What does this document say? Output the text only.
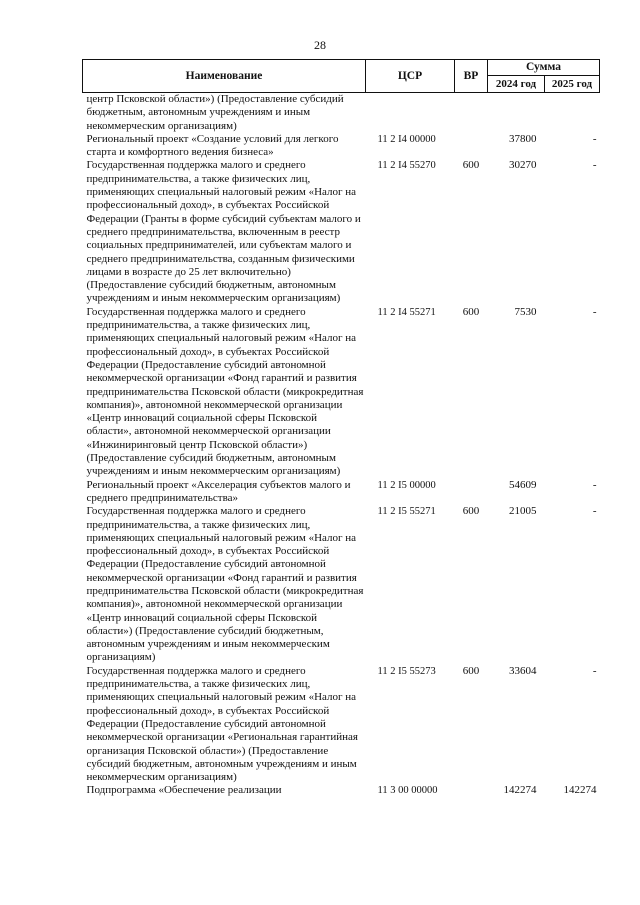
28
Наименование	ЦСР	ВР	Сумма	
			2024 год	2025 год
центр Псковской области») (Предоставление субсидий бюджетным, автономным учреждениям и иным некоммерческим организациям)				
Региональный проект «Создание условий для легкого старта и комфортного ведения бизнеса»	11 2 I4 00000		37800	-
Государственная поддержка малого и среднего предпринимательства, а также физических лиц, применяющих специальный налоговый режим «Налог на профессиональный доход», в субъектах Российской Федерации (Гранты в форме субсидий субъектам малого и среднего предпринимательства, включенным в реестр социальных предпринимателей, или субъектам малого и среднего предпринимательства, созданным физическими лицами в возрасте до 25 лет включительно) (Предоставление субсидий бюджетным, автономным учреждениям и иным некоммерческим организациям)	11 2 I4 55270	600	30270	-
Государственная поддержка малого и среднего предпринимательства, а также физических лиц, применяющих специальный налоговый режим «Налог на профессиональный доход», в субъектах Российской Федерации (Предоставление субсидий автономной некоммерческой организации «Фонд гарантий и развития предпринимательства Псковской области (микрокредитная компания)», автономной некоммерческой организации «Центр инноваций социальной сферы Псковской области», автономной некоммерческой организации «Инжиниринговый центр Псковской области») (Предоставление субсидий бюджетным, автономным учреждениям и иным некоммерческим организациям)	11 2 I4 55271	600	7530	-
Региональный проект «Акселерация субъектов малого и среднего предпринимательства»	11 2 I5 00000		54609	-
Государственная поддержка малого и среднего предпринимательства, а также физических лиц, применяющих специальный налоговый режим «Налог на профессиональный доход», в субъектах Российской Федерации (Предоставление субсидий автономной некоммерческой организации «Фонд гарантий и развития предпринимательства Псковской области (микрокредитная компания)», автономной некоммерческой организации «Центр инноваций социальной сферы Псковской области») (Предоставление субсидий бюджетным, автономным учреждениям и иным некоммерческим организациям)	11 2 I5 55271	600	21005	-
Государственная поддержка малого и среднего предпринимательства, а также физических лиц, применяющих специальный налоговый режим «Налог на профессиональный доход», в субъектах Российской Федерации (Предоставление субсидий автономной некоммерческой организации «Региональная гарантийная организация Псковской области») (Предоставление субсидий бюджетным, автономным учреждениям и иным некоммерческим организациям)	11 2 I5 55273	600	33604	-
Подпрограмма «Обеспечение реализации	11 3 00 00000		142274	142274
